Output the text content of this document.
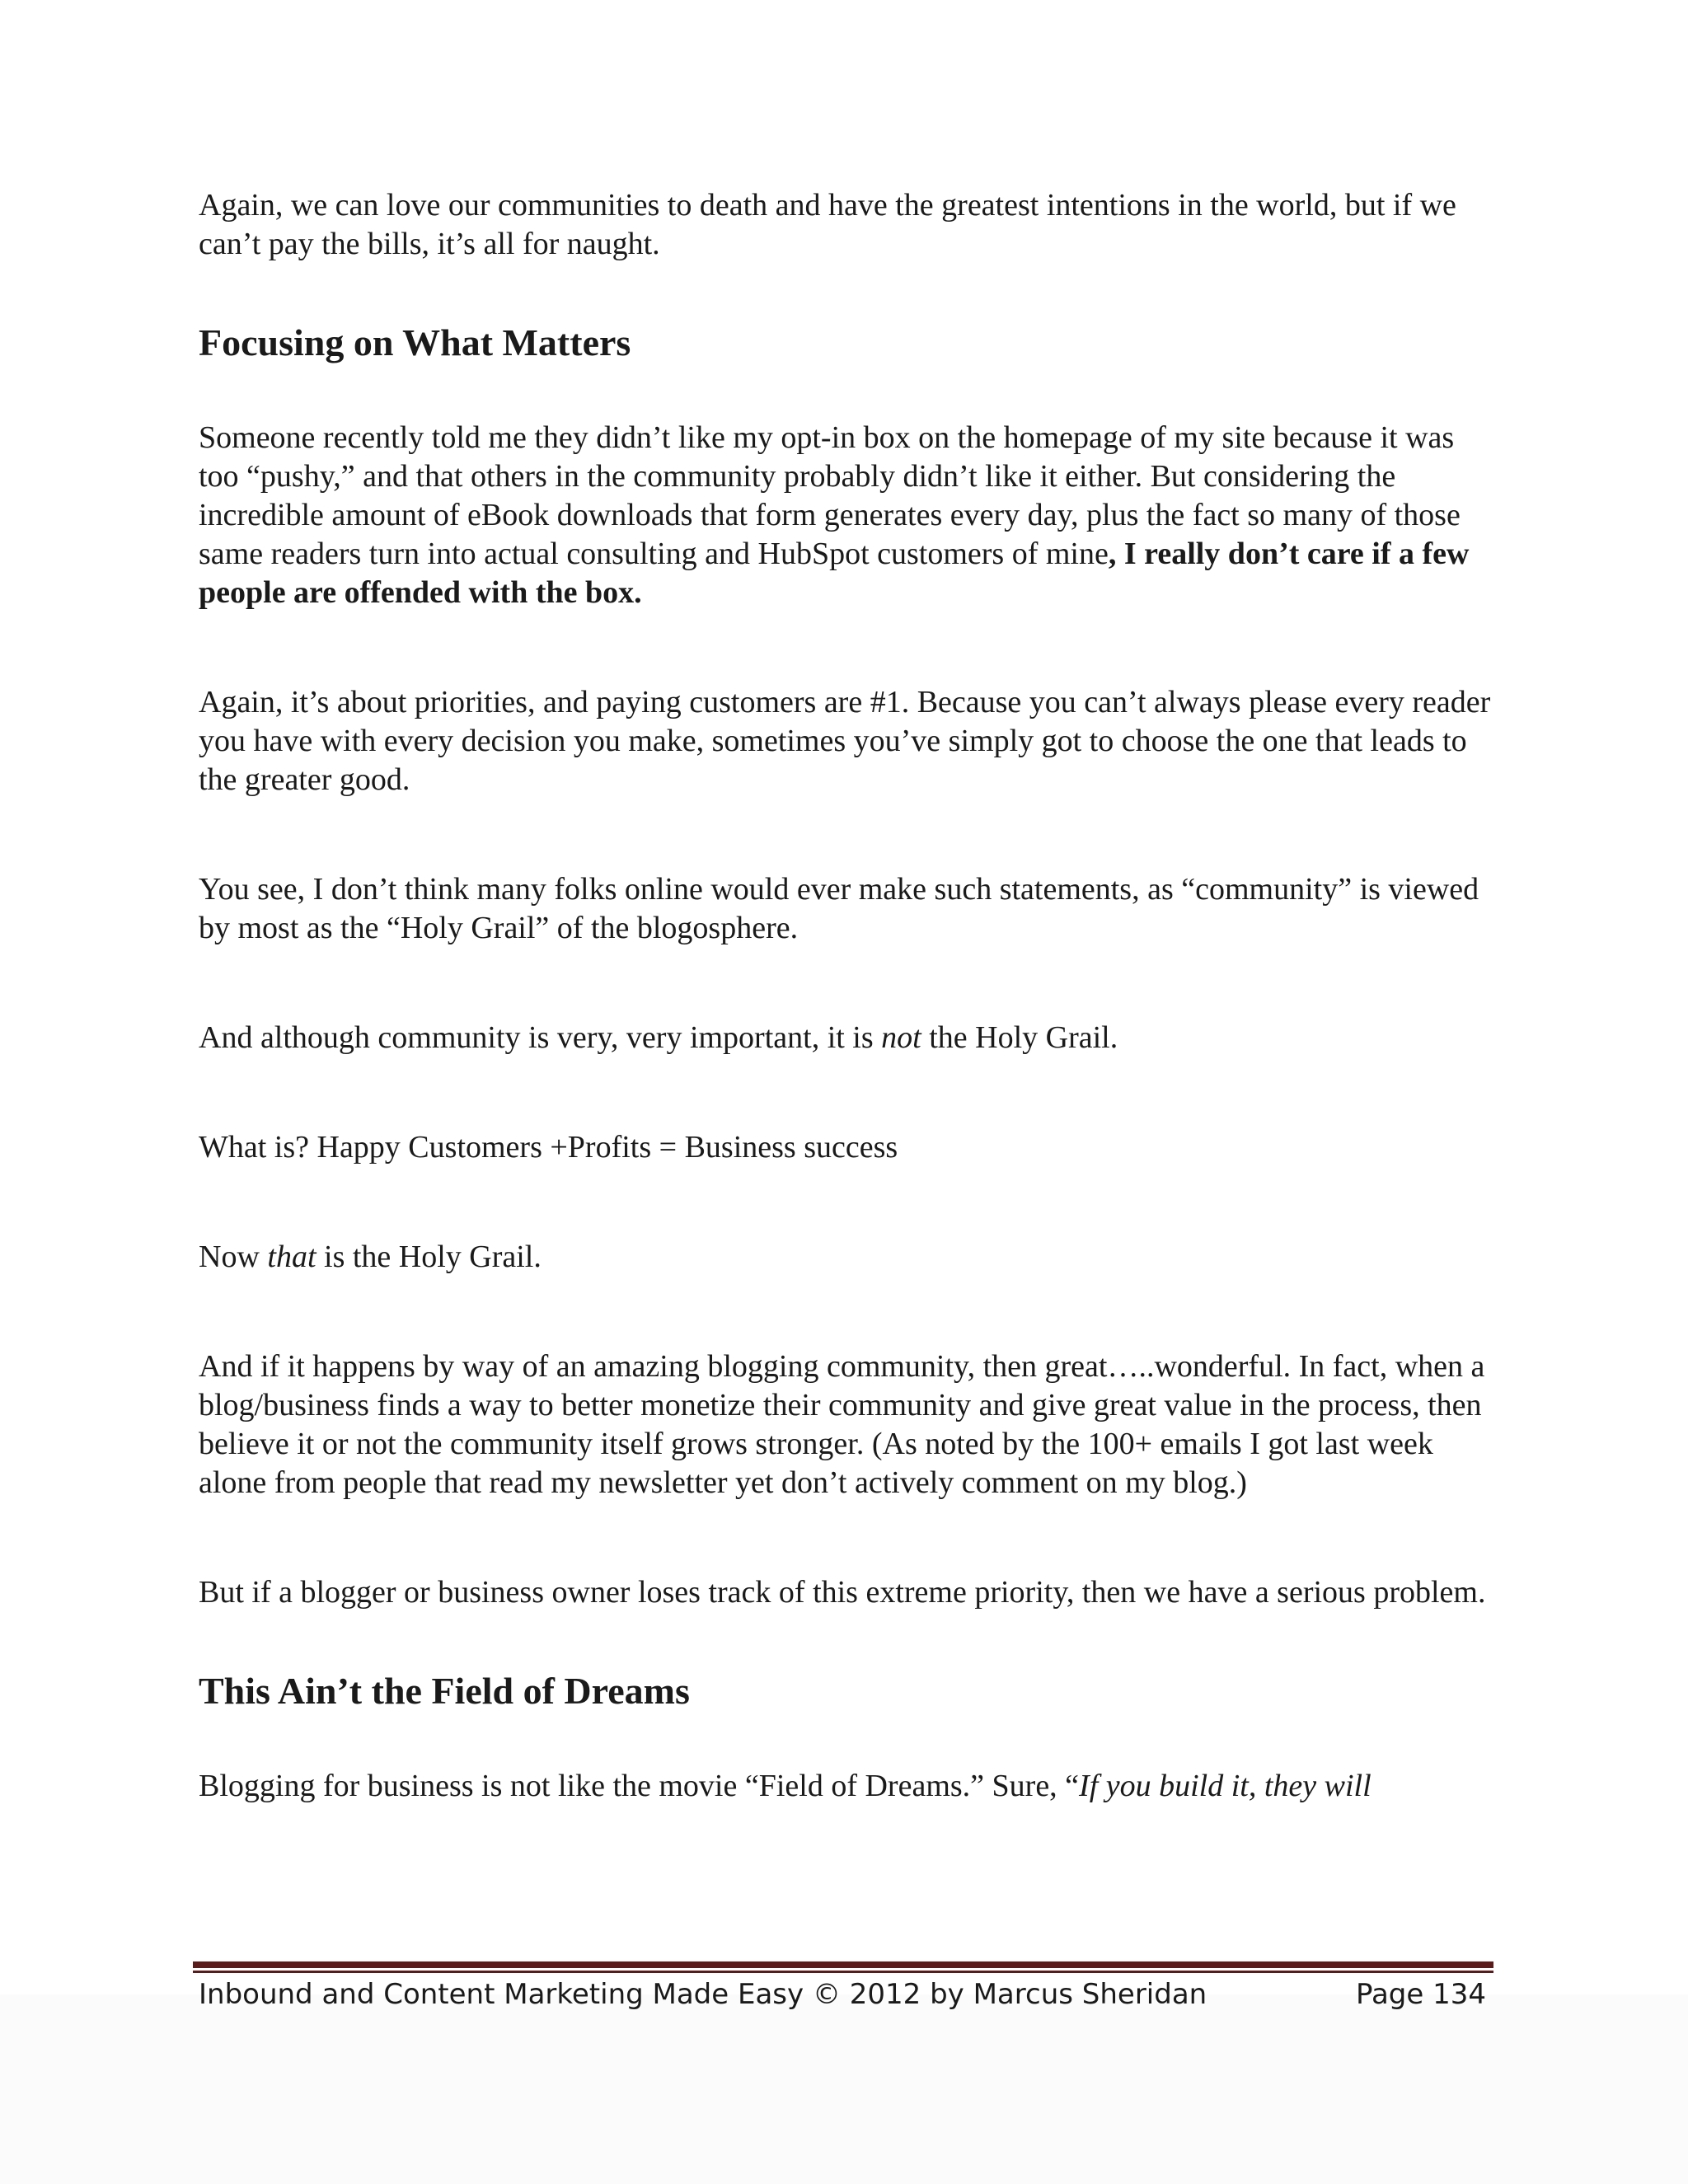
Again, we can love our communities to death and have the greatest intentions in the world, but if we can’t pay the bills, it’s all for naught.

Focusing on What Matters

Someone recently told me they didn’t like my opt-in box on the homepage of my site because it was too “pushy,” and that others in the community probably didn’t like it either. But considering the incredible amount of eBook downloads that form generates every day, plus the fact so many of those same readers turn into actual consulting and HubSpot customers of mine, I really don’t care if a few people are offended with the box.

Again, it’s about priorities, and paying customers are #1. Because you can’t always please every reader you have with every decision you make, sometimes you’ve simply got to choose the one that leads to the greater good.

You see, I don’t think many folks online would ever make such statements, as “community” is viewed by most as the “Holy Grail” of the blogosphere.

And although community is very, very important, it is not the Holy Grail.

What is? Happy Customers +Profits = Business success

Now that is the Holy Grail.

And if it happens by way of an amazing blogging community, then great…..wonderful. In fact, when a blog/business finds a way to better monetize their community and give great value in the process, then believe it or not the community itself grows stronger. (As noted by the 100+ emails I got last week alone from people that read my newsletter yet don’t actively comment on my blog.)

But if a blogger or business owner loses track of this extreme priority, then we have a serious problem.

This Ain’t the Field of Dreams

Blogging for business is not like the movie “Field of Dreams.” Sure, “If you build it, they will

Inbound and Content Marketing Made Easy © 2012 by Marcus Sheridan	Page 134
